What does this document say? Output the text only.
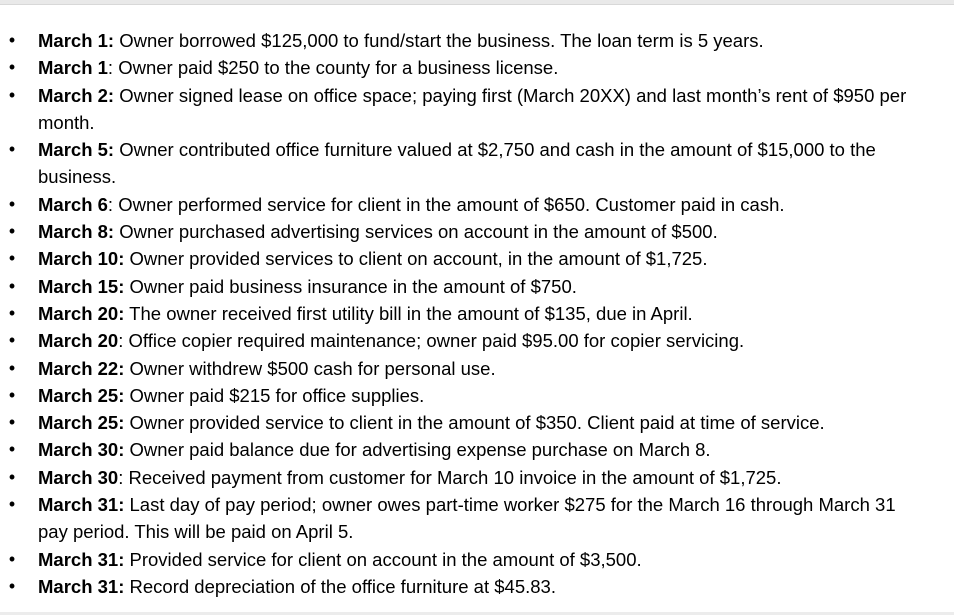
• March 1: Owner borrowed $125,000 to fund/start the business. The loan term is 5 years.
• March 1: Owner paid $250 to the county for a business license.
• March 2: Owner signed lease on office space; paying first (March 20XX) and last month’s rent of $950 per month.
• March 5: Owner contributed office furniture valued at $2,750 and cash in the amount of $15,000 to the business.
• March 6: Owner performed service for client in the amount of $650. Customer paid in cash.
• March 8: Owner purchased advertising services on account in the amount of $500.
• March 10: Owner provided services to client on account, in the amount of $1,725.
• March 15: Owner paid business insurance in the amount of $750.
• March 20: The owner received first utility bill in the amount of $135, due in April.
• March 20: Office copier required maintenance; owner paid $95.00 for copier servicing.
• March 22: Owner withdrew $500 cash for personal use.
• March 25: Owner paid $215 for office supplies.
• March 25: Owner provided service to client in the amount of $350. Client paid at time of service.
• March 30: Owner paid balance due for advertising expense purchase on March 8.
• March 30: Received payment from customer for March 10 invoice in the amount of $1,725.
• March 31: Last day of pay period; owner owes part-time worker $275 for the March 16 through March 31 pay period. This will be paid on April 5.
• March 31: Provided service for client on account in the amount of $3,500.
• March 31: Record depreciation of the office furniture at $45.83.
